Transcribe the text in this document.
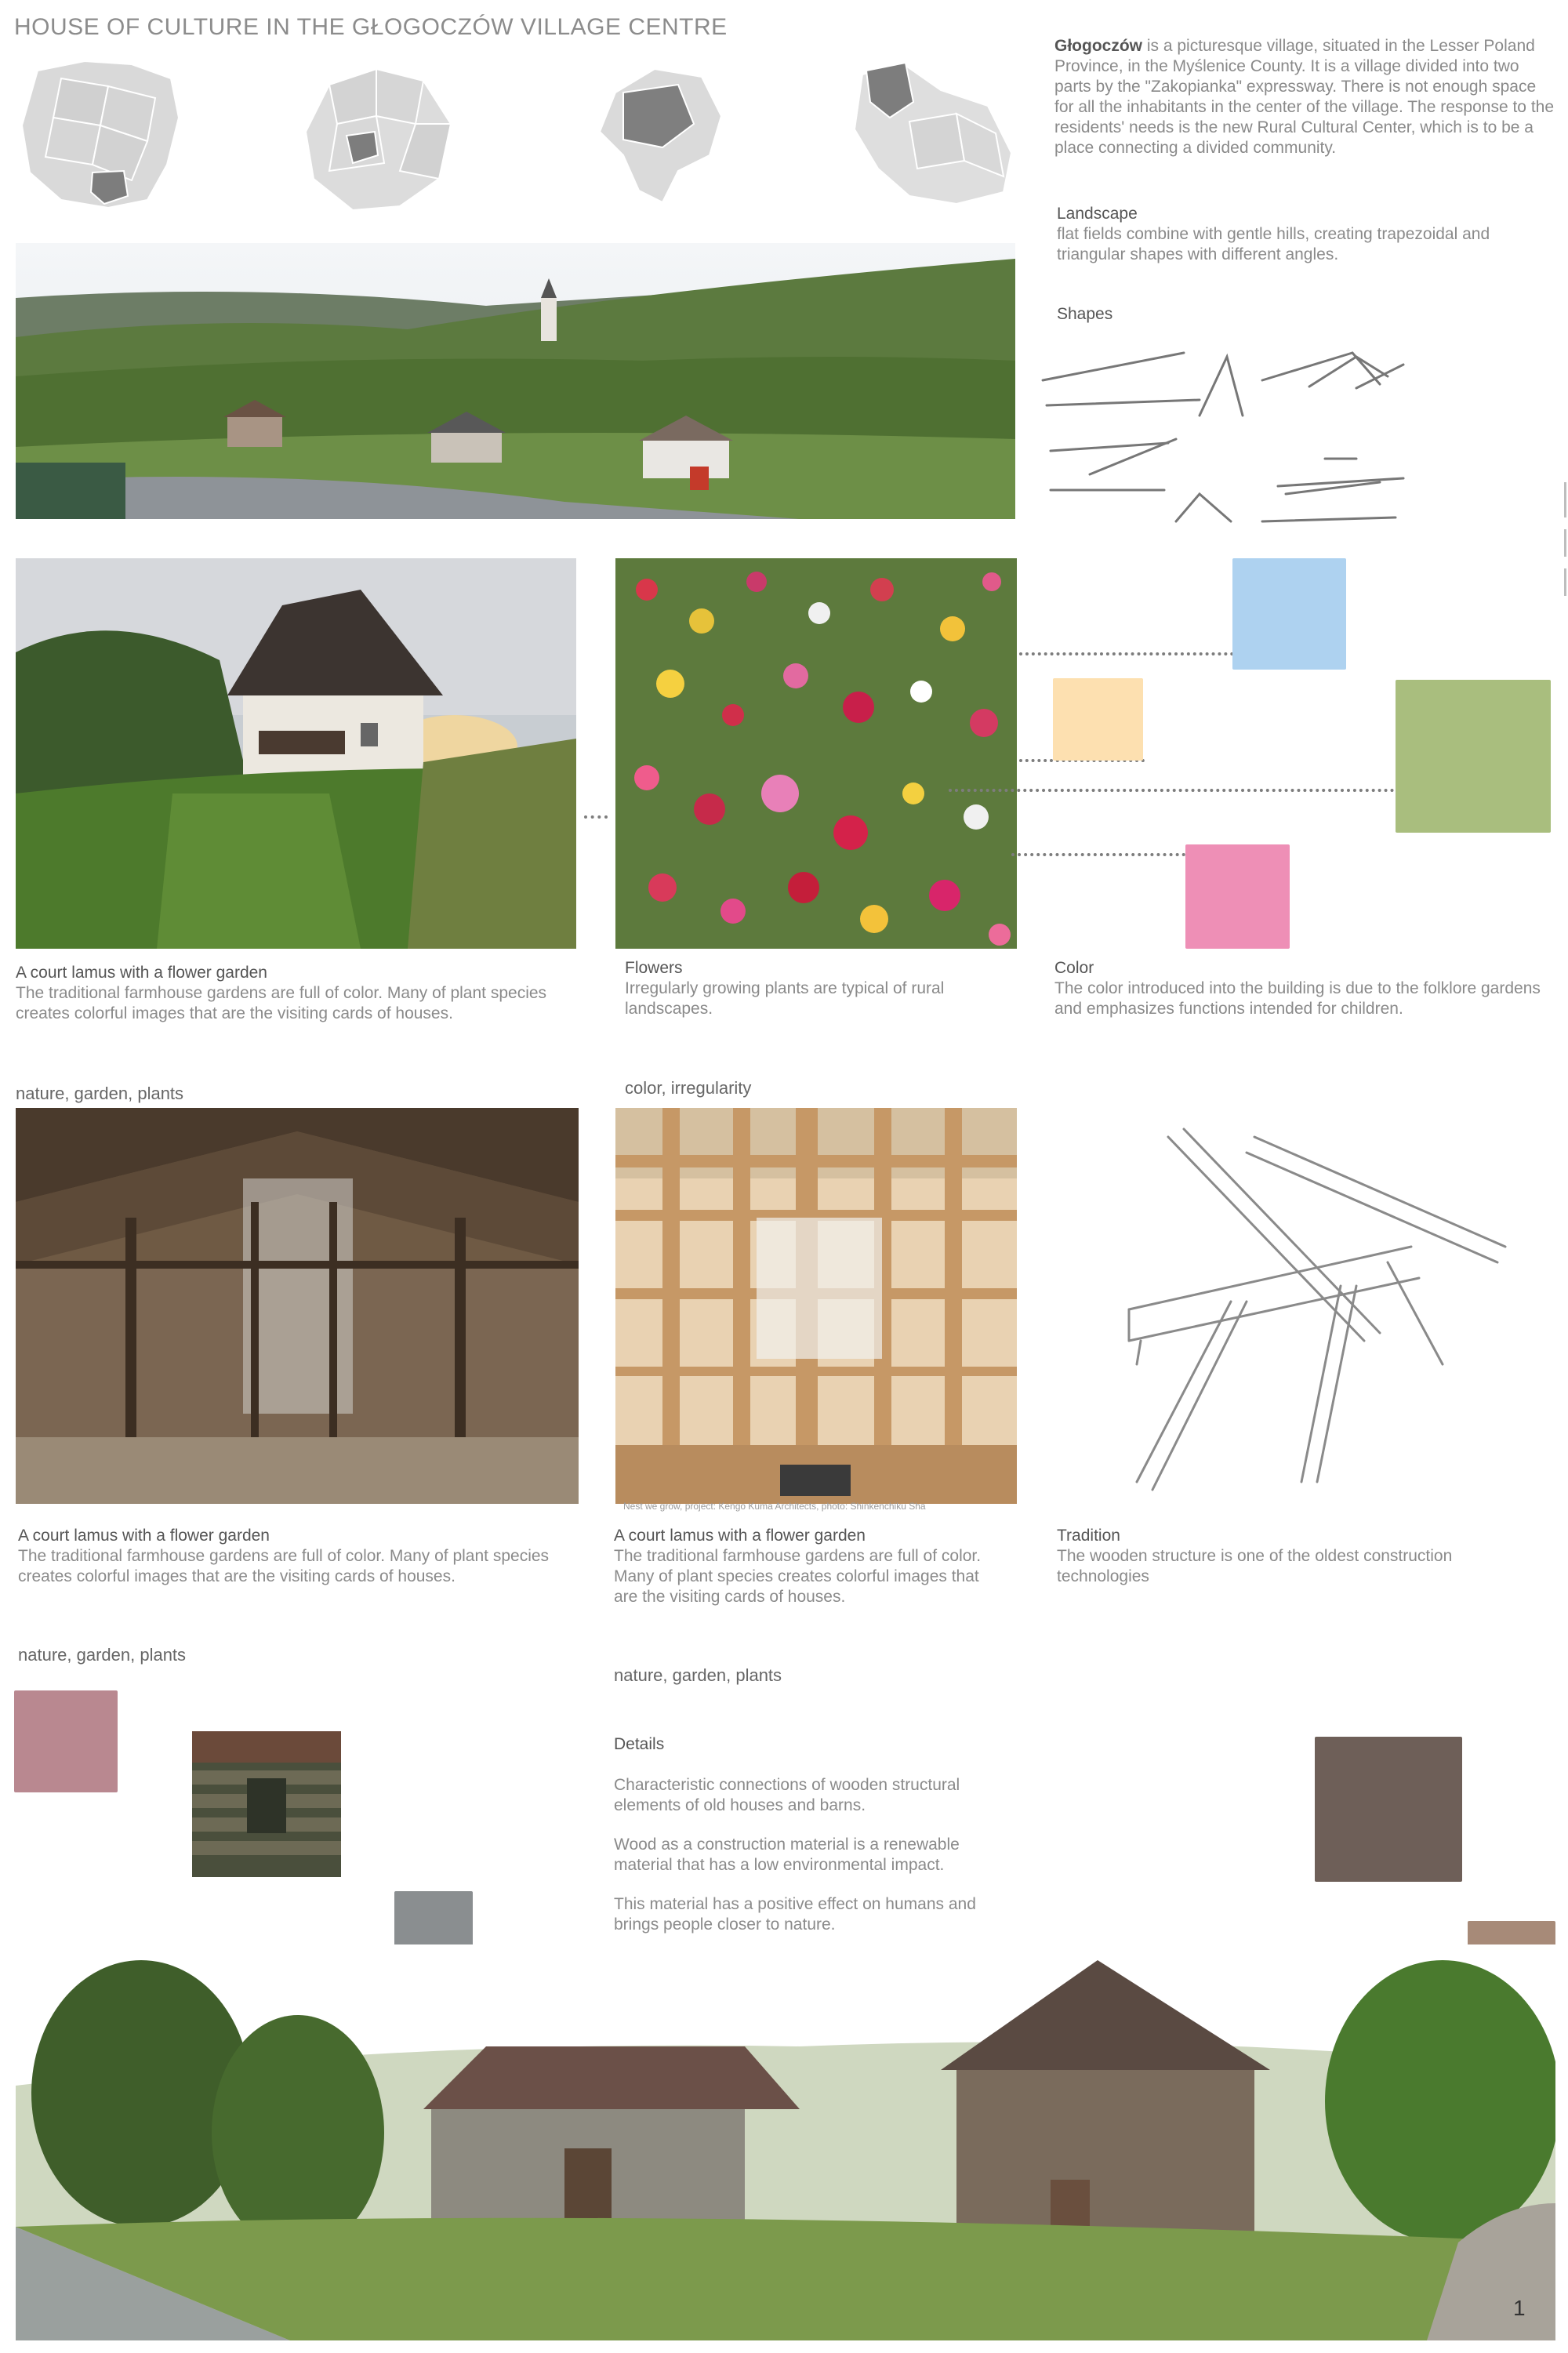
HOUSE OF CULTURE IN THE GŁOGOCZÓW VILLAGE CENTRE
Głogoczów is a picturesque village, situated in the Lesser Poland Province, in the Myślenice County. It is a village divided into two parts by the "Zakopianka" expressway. There is not enough space for all the inhabitants in the center of the village. The response to the residents' needs is the new Rural Cultural Center, which is to be a place connecting a divided community.
Landscape
flat fields combine with gentle hills, creating trapezoidal and triangular shapes with different angles.
Shapes
A court lamus with a flower garden
The traditional farmhouse gardens are full of color. Many of plant species creates colorful images that are the visiting cards of houses.
Flowers
Irregularly growing plants are typical of rural landscapes.
Color
The color introduced into the building is due to the folklore gardens and emphasizes functions intended for children.
nature, garden, plants	color, irregularity
Nest we grow, project: Kengo Kuma Architects, photo: Shinkenchiku Sha
A court lamus with a flower garden
The traditional farmhouse gardens are full of color. Many of plant species creates colorful images that are the visiting cards of houses.
A court lamus with a flower garden
The traditional farmhouse gardens are full of color. Many of plant species creates colorful images that are the visiting cards of houses.
Tradition
The wooden structure is one of the oldest construction technologies
nature, garden, plants
nature, garden, plants
Details
Characteristic connections of wooden structural elements of old houses and barns.
Wood as a construction material is a renewable material that has a low environmental impact.
This material has a positive effect on humans and brings people closer to nature.
1
